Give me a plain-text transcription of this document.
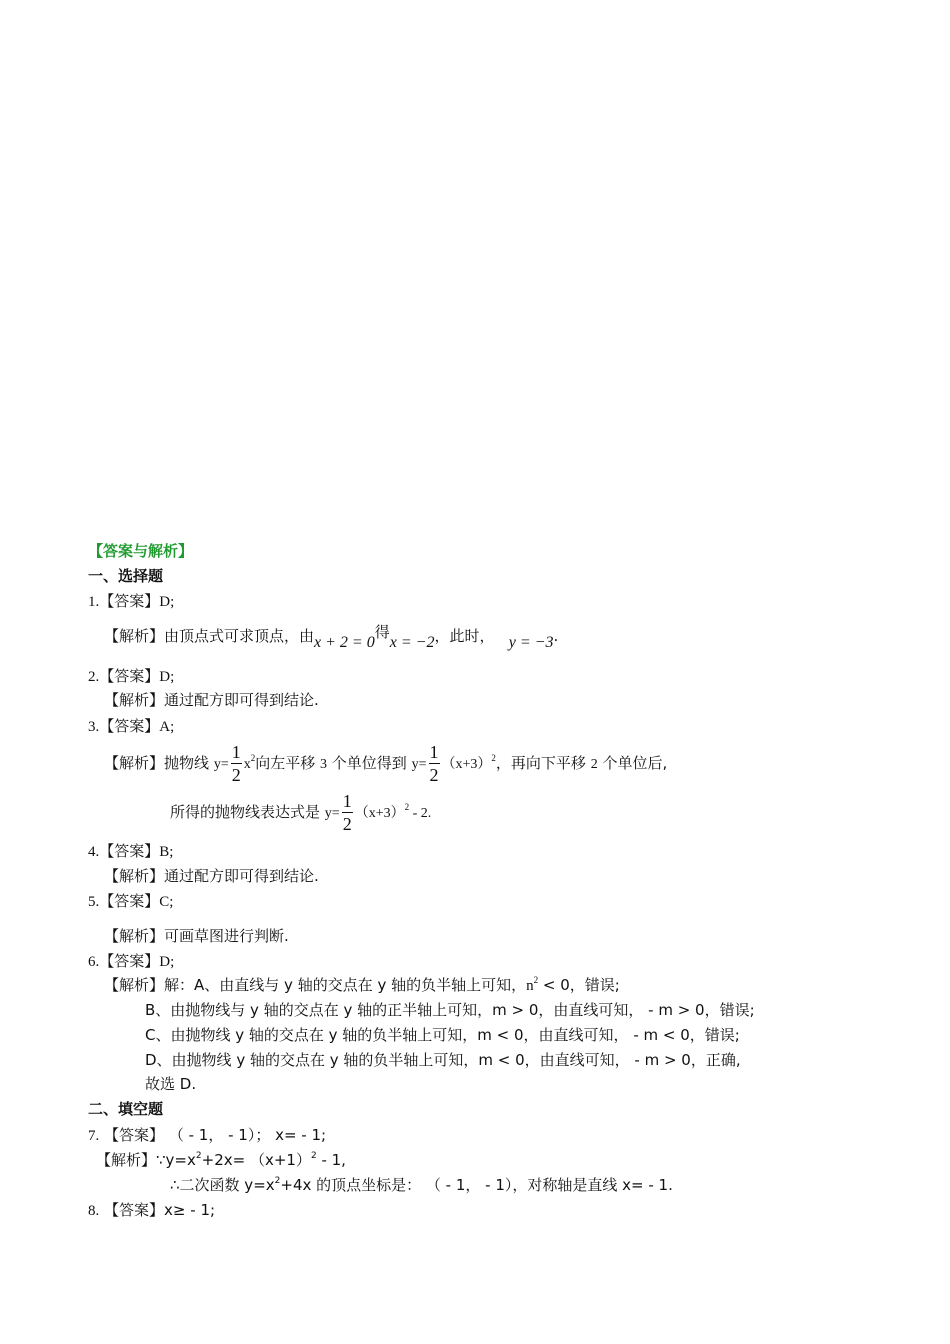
【答案与解析】
一、选择题
1.【答案】D;
【解析】由顶点式可求顶点，由x + 2 = 0得x = −2，此时， y = −3.
2.【答案】D;
【解析】通过配方即可得到结论.
3.【答案】A;
【解析】抛物线 $y= \frac{1}{2} x^2$向左平移 3 个单位得到 $y= \frac{1}{2} (x+3)^2$，再向下平移 2 个单位后,
所得的抛物线表达式是 $y= \frac{1}{2} (x+3)^2 - 2$.
4.【答案】B;
【解析】通过配方即可得到结论.
5.【答案】C;
【解析】可画草图进行判断.
6.【答案】D;
【解析】解：A、由直线与 y 轴的交点在 y 轴的负半轴上可知，$n^2 < 0$，错误;
B、由抛物线与 y 轴的交点在 y 轴的正半轴上可知，m > 0，由直线可知， - m > 0，错误;
C、由抛物线 y 轴的交点在 y 轴的负半轴上可知，m < 0，由直线可知， - m < 0，错误;
D、由抛物线 y 轴的交点在 y 轴的负半轴上可知，m < 0，由直线可知， - m > 0，正确,
故选 D.
二、填空题
7. 【答案】 （ - 1， - 1）； x= - 1;
【解析】$\because y=x^2+2x= (x+1)^2 - 1$,
∴二次函数 $y=x^2+4x$ 的顶点坐标是： （ - 1， - 1），对称轴是直线 x= - 1.
8. 【答案】x≥ - 1;
